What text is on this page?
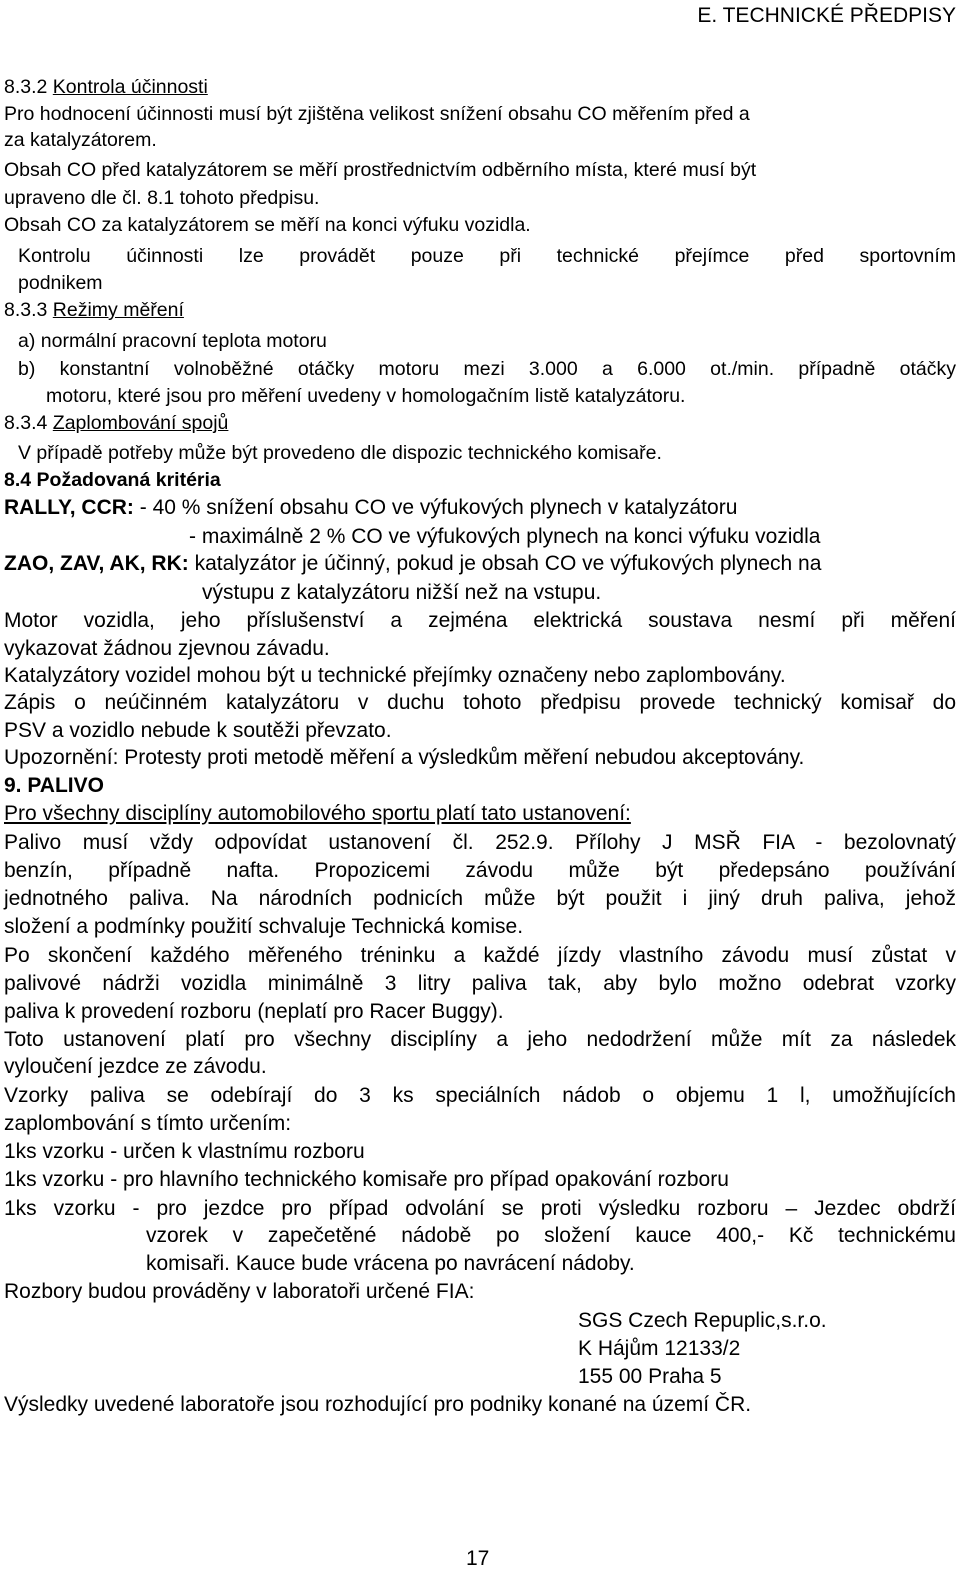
E. TECHNICKÉ PŘEDPISY
8.3.2 Kontrola účinnosti
Pro hodnocení účinnosti musí být zjištěna velikost snížení obsahu CO měřením před a
za katalyzátorem.
Obsah CO před katalyzátorem se měří prostřednictvím odběrního místa, které musí být
upraveno dle čl. 8.1 tohoto předpisu.
Obsah CO za katalyzátorem se měří na konci výfuku vozidla.
Kontrolu účinnosti lze provádět pouze při technické přejímce před sportovním
podnikem
8.3.3 Režimy měření
a) normální pracovní teplota motoru
b) konstantní volnoběžné otáčky motoru mezi 3.000 a 6.000 ot./min. případně otáčky
motoru, které jsou pro měření uvedeny v homologačním listě katalyzátoru.
8.3.4 Zaplombování spojů
V případě potřeby může být provedeno dle dispozic technického komisaře.
8.4 Požadovaná kritéria
RALLY, CCR: - 40 % snížení obsahu CO ve výfukových plynech v katalyzátoru
- maximálně 2 % CO ve výfukových plynech na konci výfuku vozidla
ZAO, ZAV, AK, RK: katalyzátor je účinný, pokud je obsah CO ve výfukových plynech na
výstupu z katalyzátoru nižší než na vstupu.
Motor vozidla, jeho příslušenství a zejména elektrická soustava nesmí při měření
vykazovat žádnou zjevnou závadu.
Katalyzátory vozidel mohou být u technické přejímky označeny nebo zaplombovány.
Zápis o neúčinném katalyzátoru v duchu tohoto předpisu provede technický komisař do
PSV a vozidlo nebude k soutěži převzato.
Upozornění: Protesty proti metodě měření a výsledkům měření nebudou akceptovány.
9. PALIVO
Pro všechny disciplíny automobilového sportu platí tato ustanovení:
Palivo musí vždy odpovídat ustanovení čl. 252.9. Přílohy J MSŘ FIA - bezolovnatý
benzín, případně nafta. Propozicemi závodu může být předepsáno používání
jednotného paliva. Na národních podnicích může být použit i jiný druh paliva, jehož
složení a podmínky použití schvaluje Technická komise.
Po skončení každého měřeného tréninku a každé jízdy vlastního závodu musí zůstat v
palivové nádrži vozidla minimálně 3 litry paliva tak, aby bylo možno odebrat vzorky
paliva k provedení rozboru (neplatí pro Racer Buggy).
Toto ustanovení platí pro všechny disciplíny a jeho nedodržení může mít za následek
vyloučení jezdce ze závodu.
Vzorky paliva se odebírají do 3 ks speciálních nádob o objemu 1 l, umožňujících
zaplombování s tímto určením:
1ks vzorku - určen k vlastnímu rozboru
1ks vzorku - pro hlavního technického komisaře pro případ opakování rozboru
1ks vzorku - pro jezdce pro případ odvolání se proti výsledku rozboru – Jezdec obdrží
vzorek v zapečetěné nádobě po složení kauce 400,- Kč technickému
komisaři. Kauce bude vrácena po navrácení nádoby.
Rozbory budou prováděny v laboratoři určené FIA:
SGS Czech Repuplic,s.r.o.
K Hájům 12133/2
155 00 Praha 5
Výsledky uvedené laboratoře jsou rozhodující pro podniky konané na území ČR.
17
